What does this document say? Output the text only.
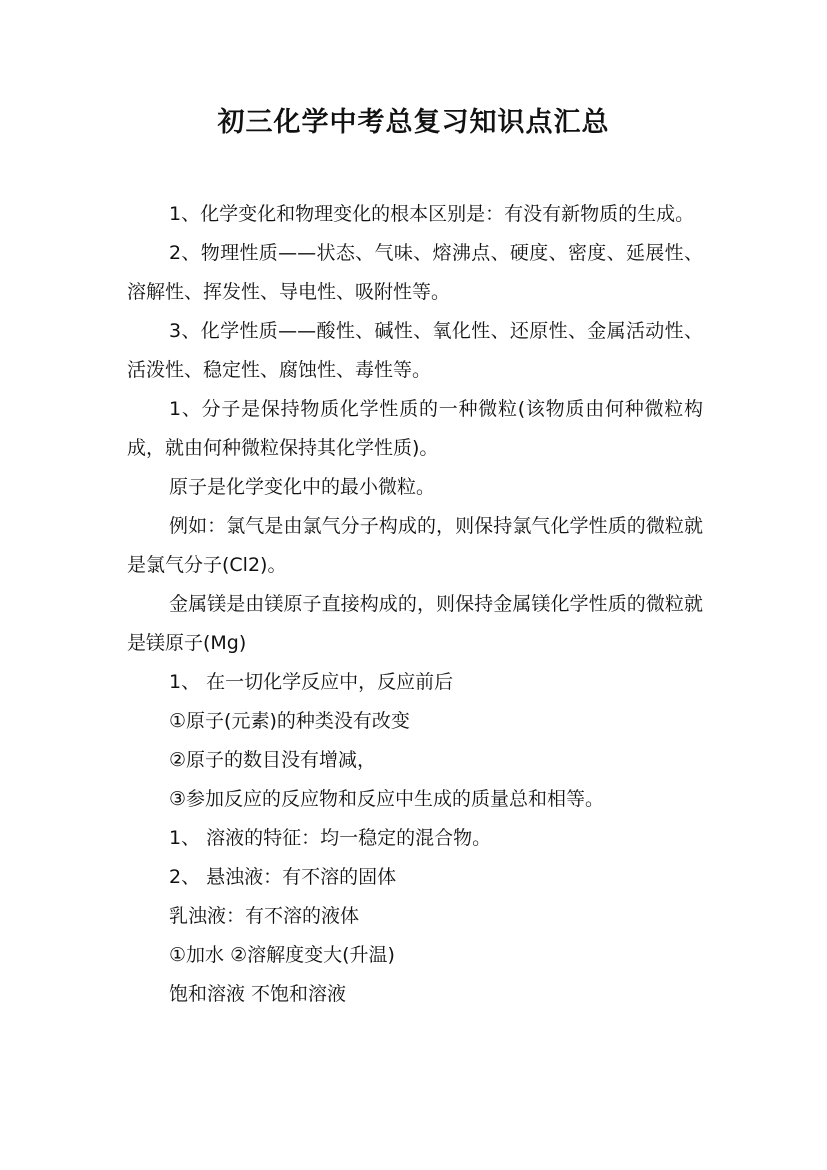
初三化学中考总复习知识点汇总

1、化学变化和物理变化的根本区别是：有没有新物质的生成。

2、物理性质——状态、气味、熔沸点、硬度、密度、延展性、溶解性、挥发性、导电性、吸附性等。

3、化学性质——酸性、碱性、氧化性、还原性、金属活动性、活泼性、稳定性、腐蚀性、毒性等。

1、分子是保持物质化学性质的一种微粒(该物质由何种微粒构成，就由何种微粒保持其化学性质)。

原子是化学变化中的最小微粒。

例如：氯气是由氯气分子构成的，则保持氯气化学性质的微粒就是氯气分子(Cl2)。

金属镁是由镁原子直接构成的，则保持金属镁化学性质的微粒就是镁原子(Mg)

1、 在一切化学反应中，反应前后

①原子(元素)的种类没有改变

②原子的数目没有增减，

③参加反应的反应物和反应中生成的质量总和相等。

1、 溶液的特征：均一稳定的混合物。

2、 悬浊液：有不溶的固体

乳浊液：有不溶的液体

①加水 ②溶解度变大(升温)

饱和溶液 不饱和溶液
